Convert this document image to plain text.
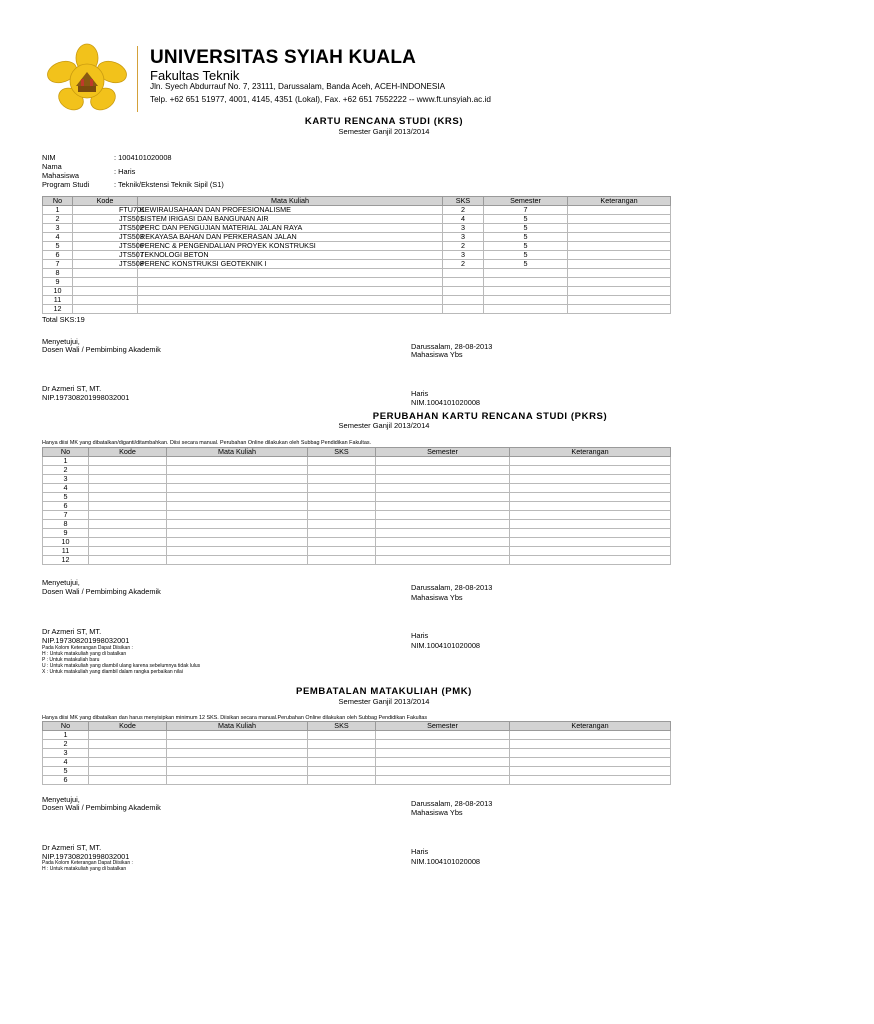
UNIVERSITAS SYIAH KUALA
Fakultas Teknik
Jln. Syech Abdurrauf No. 7, 23111, Darussalam, Banda Aceh, ACEH-INDONESIA
Telp. +62 651 51977, 4001, 4145, 4351 (Lokal), Fax. +62 651 7552222 -- www.ft.unsyiah.ac.id
KARTU RENCANA STUDI (KRS)
Semester Ganjil 2013/2014
NIM	: 1004101020008
Nama
Mahasiswa	: Haris
Program Studi	: Teknik/Ekstensi Teknik Sipil (S1)
No	Kode	Mata Kuliah	SKS	Semester	Keterangan
1	FTU701	KEWIRAUSAHAAN DAN PROFESIONALISME	2	7	
2	JTS501	SISTEM IRIGASI DAN BANGUNAN AIR	4	5	
3	JTS502	PERC DAN PENGUJIAN MATERIAL JALAN RAYA	3	5	
4	JTS503	REKAYASA BAHAN DAN PERKERASAN JALAN	3	5	
5	JTS506	PERENC & PENGENDALIAN PROYEK KONSTRUKSI	2	5	
6	JTS507	TEKNOLOGI BETON	3	5	
7	JTS508	PERENC KONSTRUKSI GEOTEKNIK I	2	5	
8					
9					
10					
11					
12					
Total SKS:19
Menyetujui,
Dosen Wali / Pembimbing Akademik	Darussalam, 28-08-2013
Mahasiswa Ybs
Dr Azmeri ST, MT.
NIP.197308201998032001	Haris
NIM.1004101020008
PERUBAHAN KARTU RENCANA STUDI (PKRS)
Semester Ganjil 2013/2014
Hanya diisi MK yang dibatalkan/diganti/ditambahkan. Diisi secara manual. Perubahan Online dilakukan oleh Subbag Pendidikan Fakultas.
No	Kode	Mata Kuliah	SKS	Semester	Keterangan
1					
2					
3					
4					
5					
6					
7					
8					
9					
10					
11					
12					
Menyetujui,
Dosen Wali / Pembimbing Akademik	Darussalam, 28-08-2013
Mahasiswa Ybs
Dr Azmeri ST, MT.
NIP.197308201998032001
Haris
NIM.1004101020008
Pada Kolom Keterangan Dapat Diisikan :
H : Untuk matakuliah yang di batalkan
P : Untuk matakuliah baru
U : Untuk matakuliah yang diambil ulang karena sebelumnya tidak lulus
X : Untuk matakuliah yang diambil dalam rangka perbaikan nilai
PEMBATALAN MATAKULIAH (PMK)
Semester Ganjil 2013/2014
Hanya diisi MK yang dibatalkan dan harus menyisipkan minimum 12 SKS. Diisikan secara manual.Perubahan Online dilakukan oleh Subbag Pendidikan Fakultas
No	Kode	Mata Kuliah	SKS	Semester	Keterangan
1					
2					
3					
4					
5					
6					
Menyetujui,
Dosen Wali / Pembimbing Akademik	Darussalam, 28-08-2013
Mahasiswa Ybs
Dr Azmeri ST, MT.
NIP.197308201998032001
Haris
NIM.1004101020008
Pada Kolom Keterangan Dapat Diisikan :
H : Untuk matakuliah yang di batalkan
